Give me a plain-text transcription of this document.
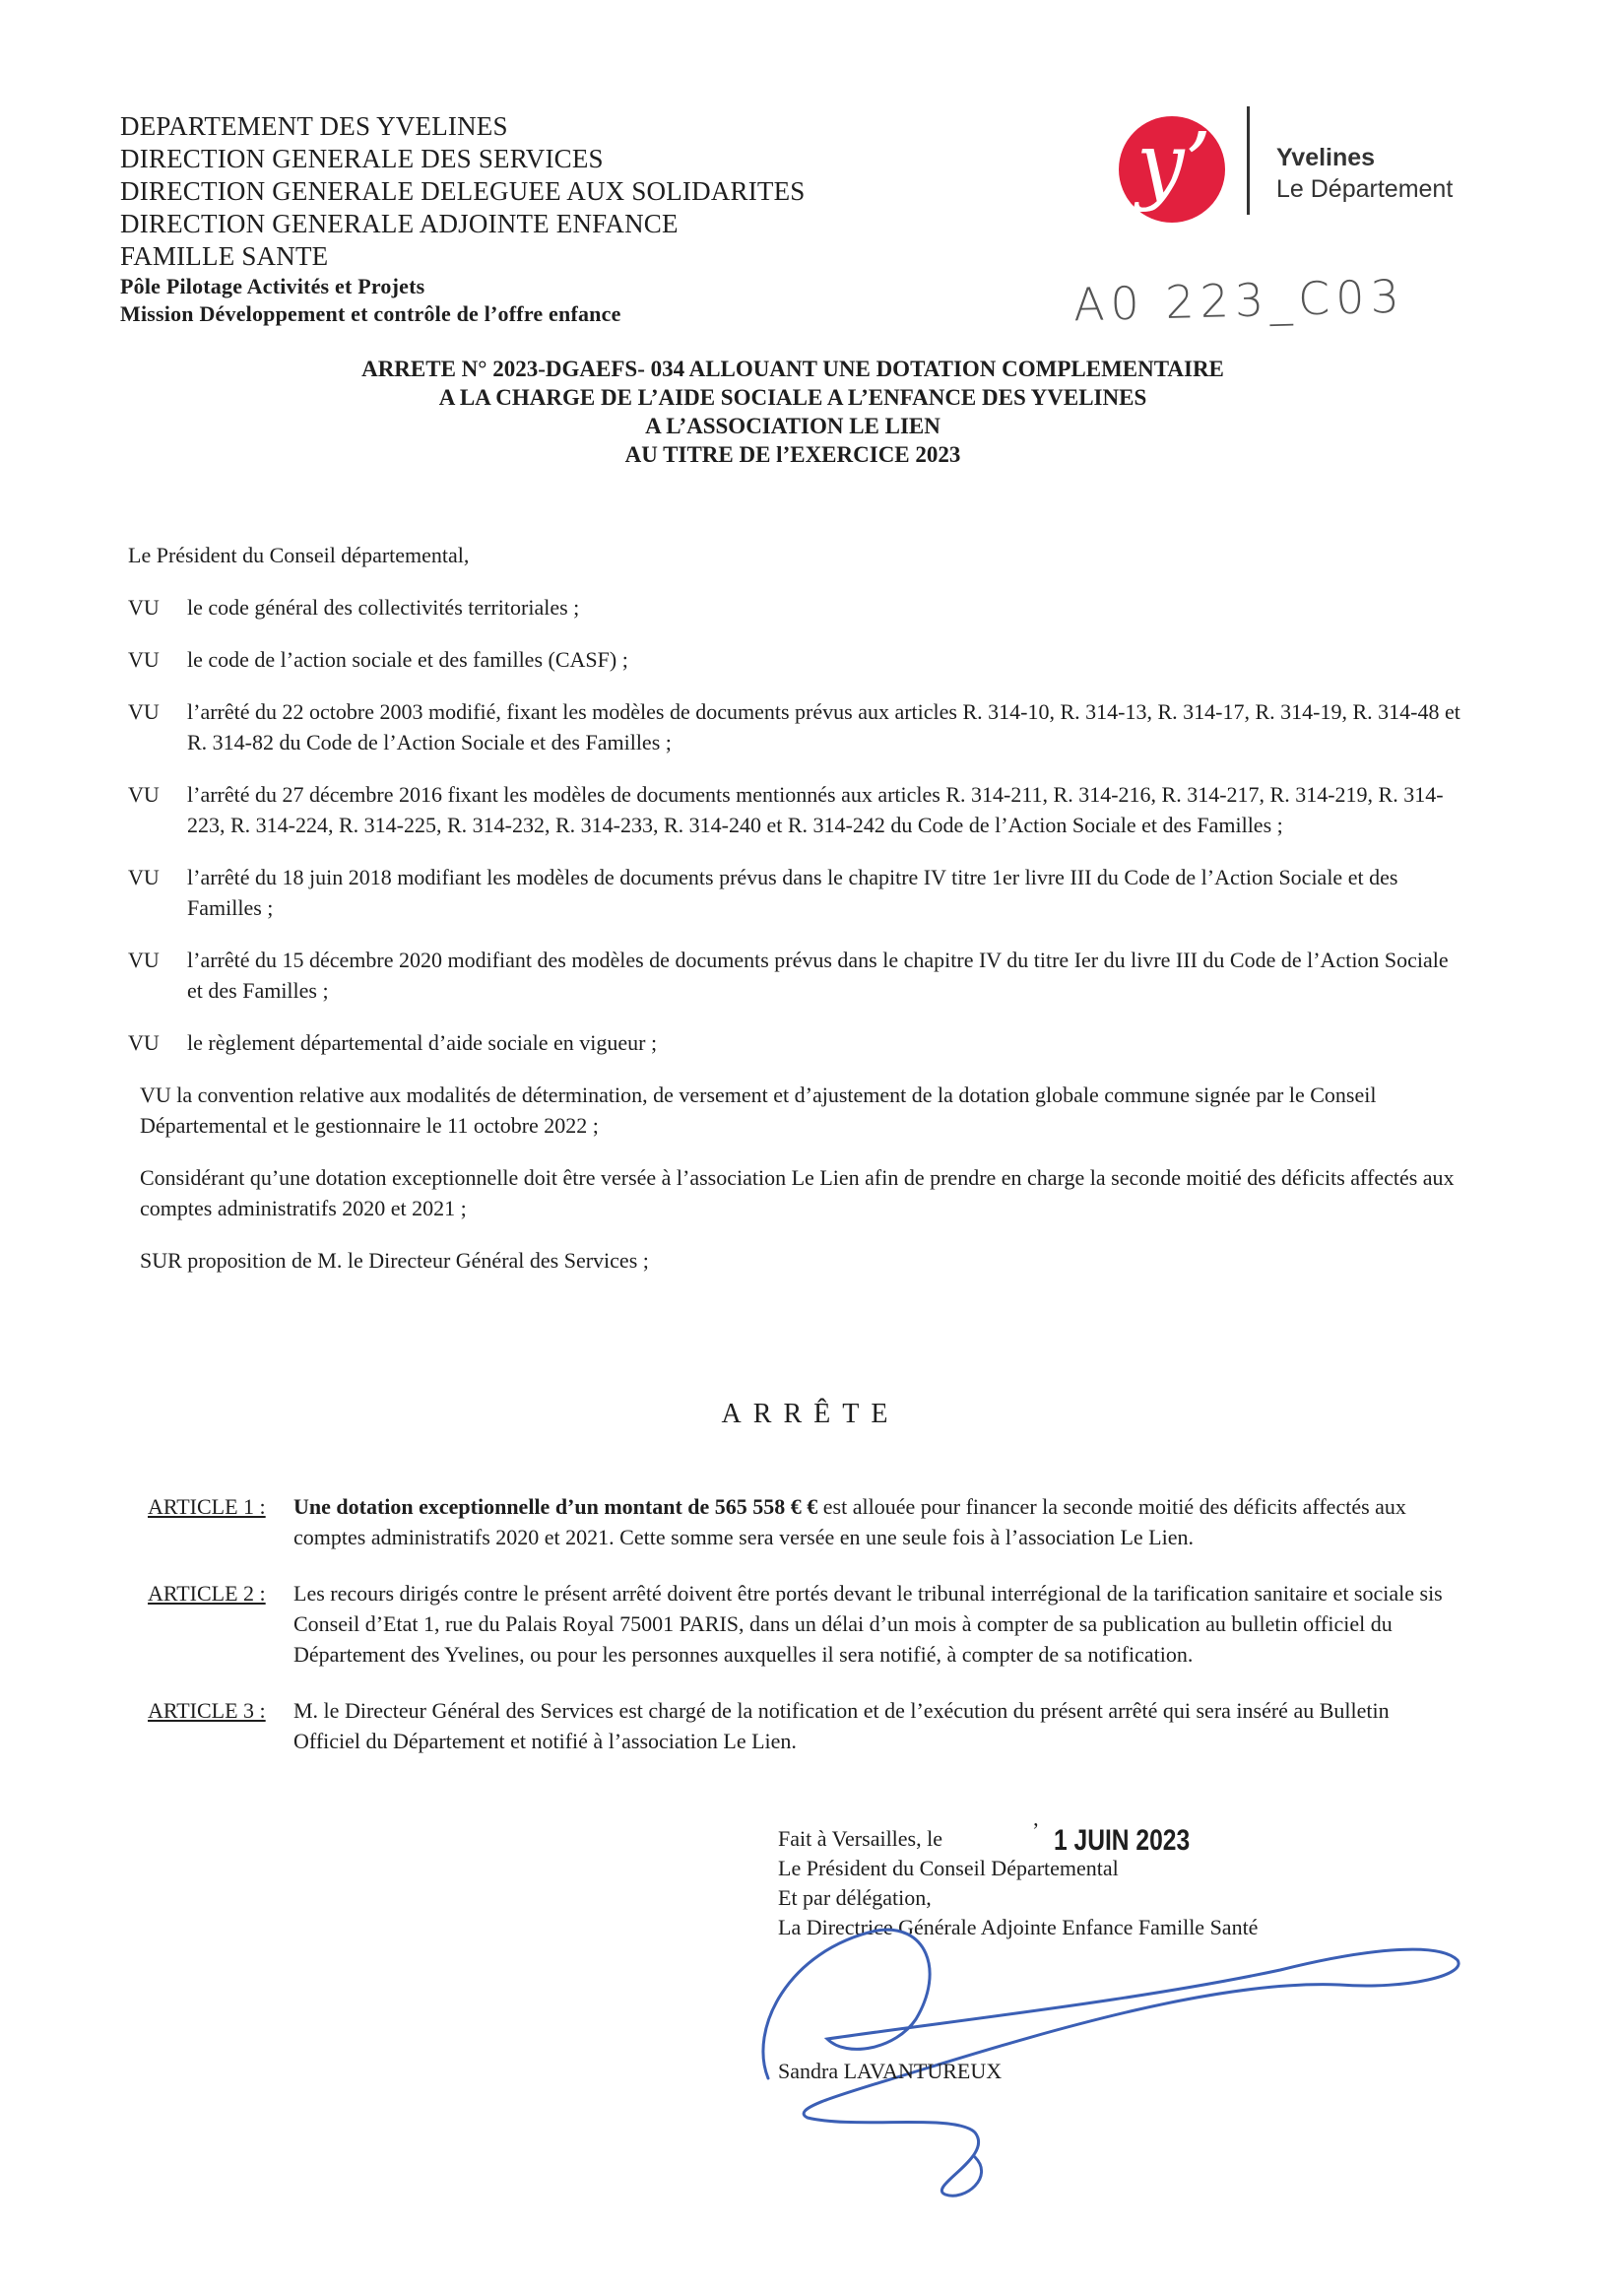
DEPARTEMENT DES YVELINES
DIRECTION GENERALE DES SERVICES
DIRECTION GENERALE DELEGUEE AUX SOLIDARITES
DIRECTION GENERALE ADJOINTE ENFANCE
FAMILLE SANTE
Pôle Pilotage Activités et Projets
Mission Développement et contrôle de l’offre enfance
y’	Yvelines
Le Département
A0 223_C03
ARRETE N° 2023-DGAEFS- 034 ALLOUANT UNE DOTATION COMPLEMENTAIRE
A LA CHARGE DE L’AIDE SOCIALE A L’ENFANCE DES YVELINES
A L’ASSOCIATION LE LIEN
AU TITRE DE l’EXERCICE 2023

Le Président du Conseil départemental,

VU le code général des collectivités territoriales ;
VU le code de l’action sociale et des familles (CASF) ;
VU l’arrêté du 22 octobre 2003 modifié, fixant les modèles de documents prévus aux articles R. 314-10, R. 314-13, R. 314-17, R. 314-19, R. 314-48 et R. 314-82 du Code de l’Action Sociale et des Familles ;
VU l’arrêté du 27 décembre 2016 fixant les modèles de documents mentionnés aux articles R. 314-211, R. 314-216, R. 314-217, R. 314-219, R. 314-223, R. 314-224, R. 314-225, R. 314-232, R. 314-233, R. 314-240 et R. 314-242 du Code de l’Action Sociale et des Familles ;
VU l’arrêté du 18 juin 2018 modifiant les modèles de documents prévus dans le chapitre IV titre 1er livre III du Code de l’Action Sociale et des Familles ;
VU l’arrêté du 15 décembre 2020 modifiant des modèles de documents prévus dans le chapitre IV du titre Ier du livre III du Code de l’Action Sociale et des Familles ;
VU le règlement départemental d’aide sociale en vigueur ;

VU la convention relative aux modalités de détermination, de versement et d’ajustement de la dotation globale commune signée par le Conseil Départemental et le gestionnaire le 11 octobre 2022 ;

Considérant qu’une dotation exceptionnelle doit être versée à l’association Le Lien afin de prendre en charge la seconde moitié des déficits affectés aux comptes administratifs 2020 et 2021 ;

SUR proposition de M. le Directeur Général des Services ;

ARRÊTE
ARTICLE 1 : Une dotation exceptionnelle d’un montant de 565 558 € € est allouée pour financer la seconde moitié des déficits affectés aux comptes administratifs 2020 et 2021. Cette somme sera versée en une seule fois à l’association Le Lien.
ARTICLE 2 : Les recours dirigés contre le présent arrêté doivent être portés devant le tribunal interrégional de la tarification sanitaire et sociale sis Conseil d’Etat 1, rue du Palais Royal 75001 PARIS, dans un délai d’un mois à compter de sa publication au bulletin officiel du Département des Yvelines, ou pour les personnes auxquelles il sera notifié, à compter de sa notification.
ARTICLE 3 : M. le Directeur Général des Services est chargé de la notification et de l’exécution du présent arrêté qui sera inséré au Bulletin Officiel du Département et notifié à l’association Le Lien.
Fait à Versailles, le
Le Président du Conseil Départemental
Et par délégation,
La Directrice Générale Adjointe Enfance Famille Santé
ʼ 1 JUIN 2023
Sandra LAVANTUREUX
